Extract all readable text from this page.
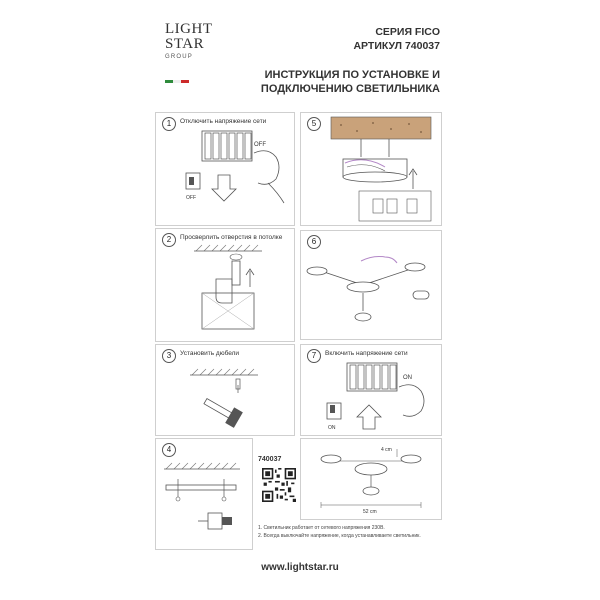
LIGHT
STAR
GROUP
СЕРИЯ FICO
АРТИКУЛ 740037
ИНСТРУКЦИЯ ПО УСТАНОВКЕ И
ПОДКЛЮЧЕНИЮ СВЕТИЛЬНИКА
1	Отключить напряжение сети
OFF
OFF
2	Просверлить отверстия в потолке
3	Установить дюбели
4
740037
5
6
7	Включить напряжение сети
ON
ON
4 cm
52 cm
1. Светильник работает от сетевого напряжения 230В.
2. Всегда выключайте напряжение, когда устанавливаете светильник.
www.lightstar.ru
